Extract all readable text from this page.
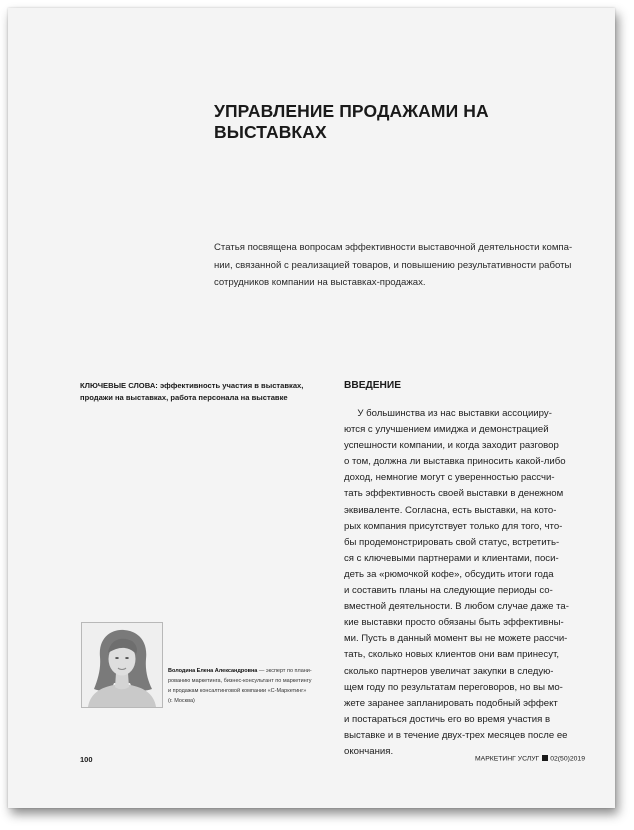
УПРАВЛЕНИЕ ПРОДАЖАМИ НА ВЫСТАВКАХ
Статья посвящена вопросам эффективности выставочной деятельности компа-
нии, связанной с реализацией товаров, и повышению результативности работы
сотрудников компании на выставках-продажах.
КЛЮЧЕВЫЕ СЛОВА: эффективность участия в выставках,
продажи на выставках, работа персонала на выставке
ВВЕДЕНИЕ
У большинства из нас выставки ассоцииру-
ются с улучшением имиджа и демонстрацией
успешности компании, и когда заходит разговор
о том, должна ли выставка приносить какой-либо
доход, немногие могут с уверенностью рассчи-
тать эффективность своей выставки в денежном
эквиваленте. Согласна, есть выставки, на кото-
рых компания присутствует только для того, что-
бы продемонстрировать свой статус, встретить-
ся с ключевыми партнерами и клиентами, поси-
деть за «рюмочкой кофе», обсудить итоги года
и составить планы на следующие периоды со-
вместной деятельности. В любом случае даже та-
кие выставки просто обязаны быть эффективны-
ми. Пусть в данный момент вы не можете рассчи-
тать, сколько новых клиентов они вам принесут,
сколько партнеров увеличат закупки в следую-
щем году по результатам переговоров, но вы мо-
жете заранее запланировать подобный эффект
и постараться достичь его во время участия в
выставке и в течение двух-трех месяцев после ее
окончания.
Володина Елена Александровна — эксперт по плани-
рованию маркетинга, бизнес-консультант по маркетингу
и продажам консалтинговой компании «С-Маркетинг»
(г. Москва)
100	МАРКЕТИНГ УСЛУГ 02(50)2019
